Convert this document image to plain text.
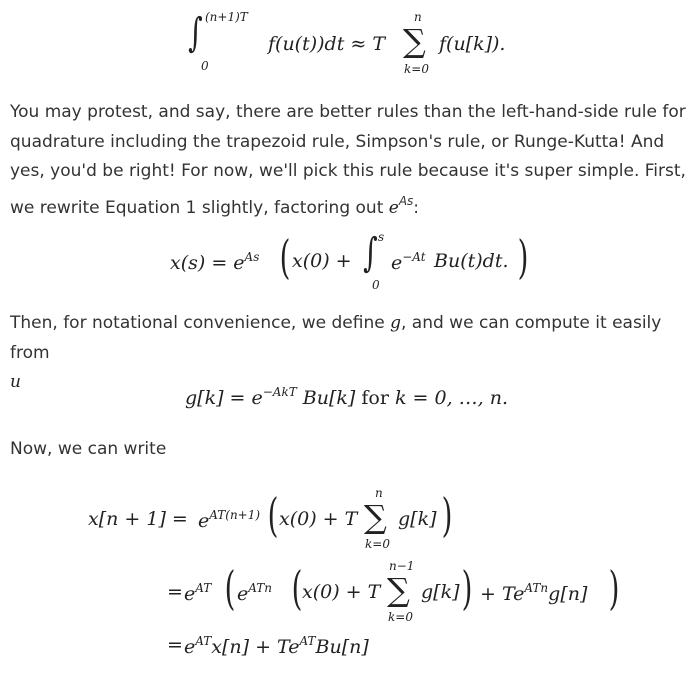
∫ (n+1)T
0
f(u(t))dt ≈ T ∑
n
k=0
f(u[k]).
You may protest, and say, there are better rules than the left-hand-side rule for quadrature including the trapezoid rule, Simpson's rule, or Runge-Kutta! And yes, you'd be right! For now, we'll pick this rule because it's super simple. First, we rewrite Equation 1 slightly, factoring out $e^{As}$:
$x(s) = e^{As}$ ( x(0) + ∫ s
0
$e^{-At}$ Bu(t)dt. )
Then, for notational convenience, we define g, and we can compute it easily from
u
$g[k] = e^{-AkT}$ Bu[k] for k = 0, …, n.
Now, we can write
$x[n + 1] = e^{AT(n+1)}$ ( x(0) + T ∑
n
k=0
g[k] )
= $e^{AT}$ ( $e^{ATn}$ ( x(0) + T ∑
n−1
k=0
g[k] ) + $Te^{ATn}g[n]$ )
= $e^{AT}x[n] + Te^{AT}Bu[n]$
